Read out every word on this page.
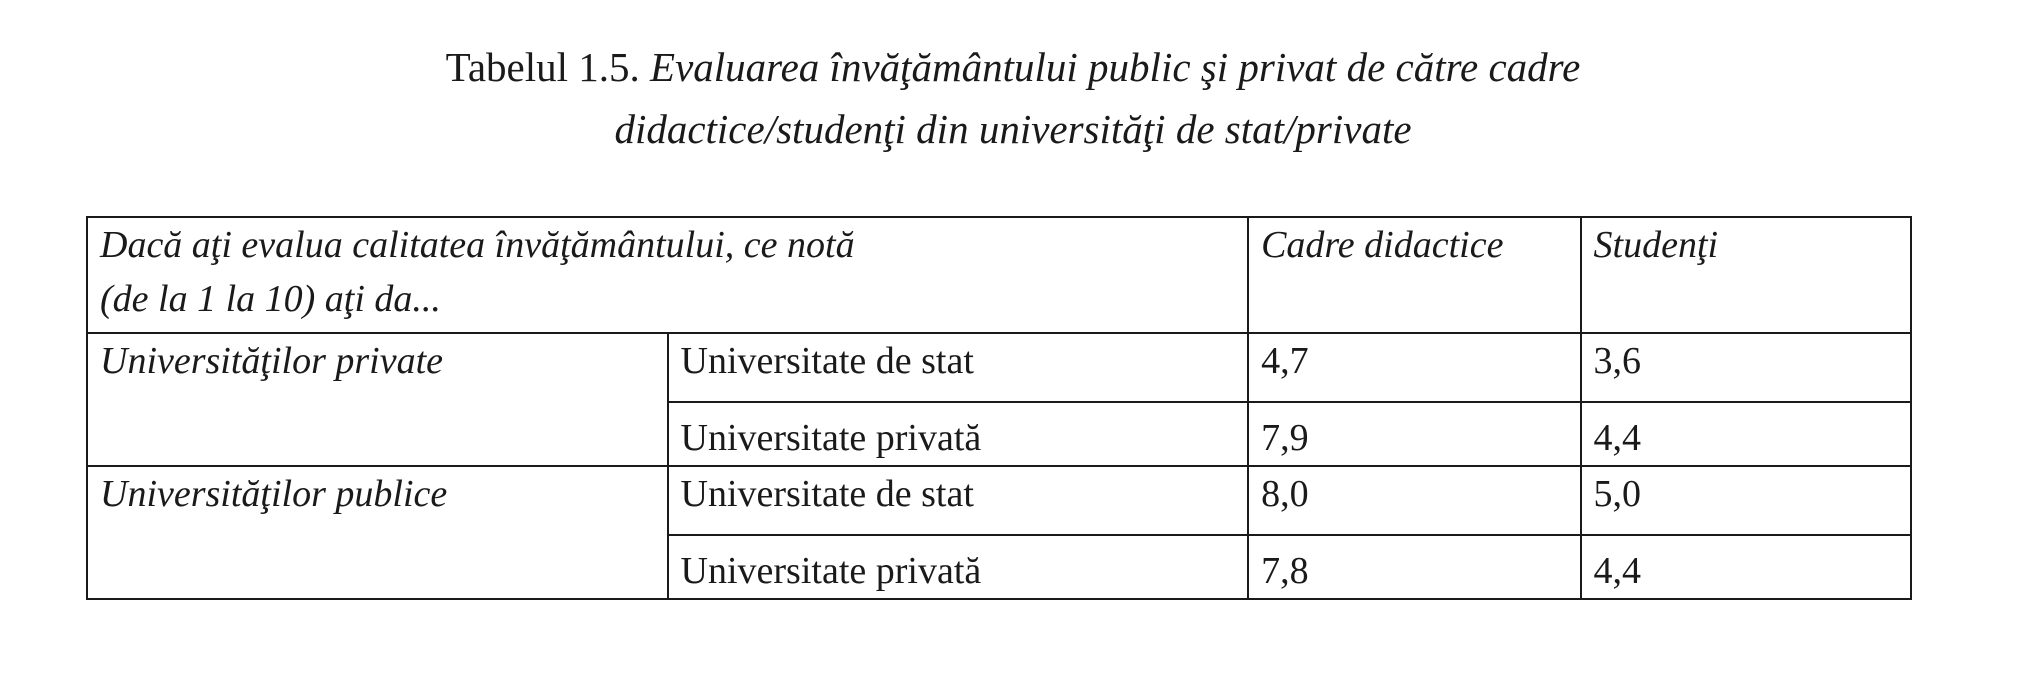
Tabelul 1.5. Evaluarea învăţământului public şi privat de către cadre
didactice/studenţi din universităţi de stat/private
Dacă aţi evalua calitatea învăţământului, ce notă
(de la 1 la 10) aţi da...		Cadre didactice	Studenţi
Universităţilor private	Universitate de stat	4,7	3,6
	Universitate privată	7,9	4,4
Universităţilor publice	Universitate de stat	8,0	5,0
	Universitate privată	7,8	4,4
